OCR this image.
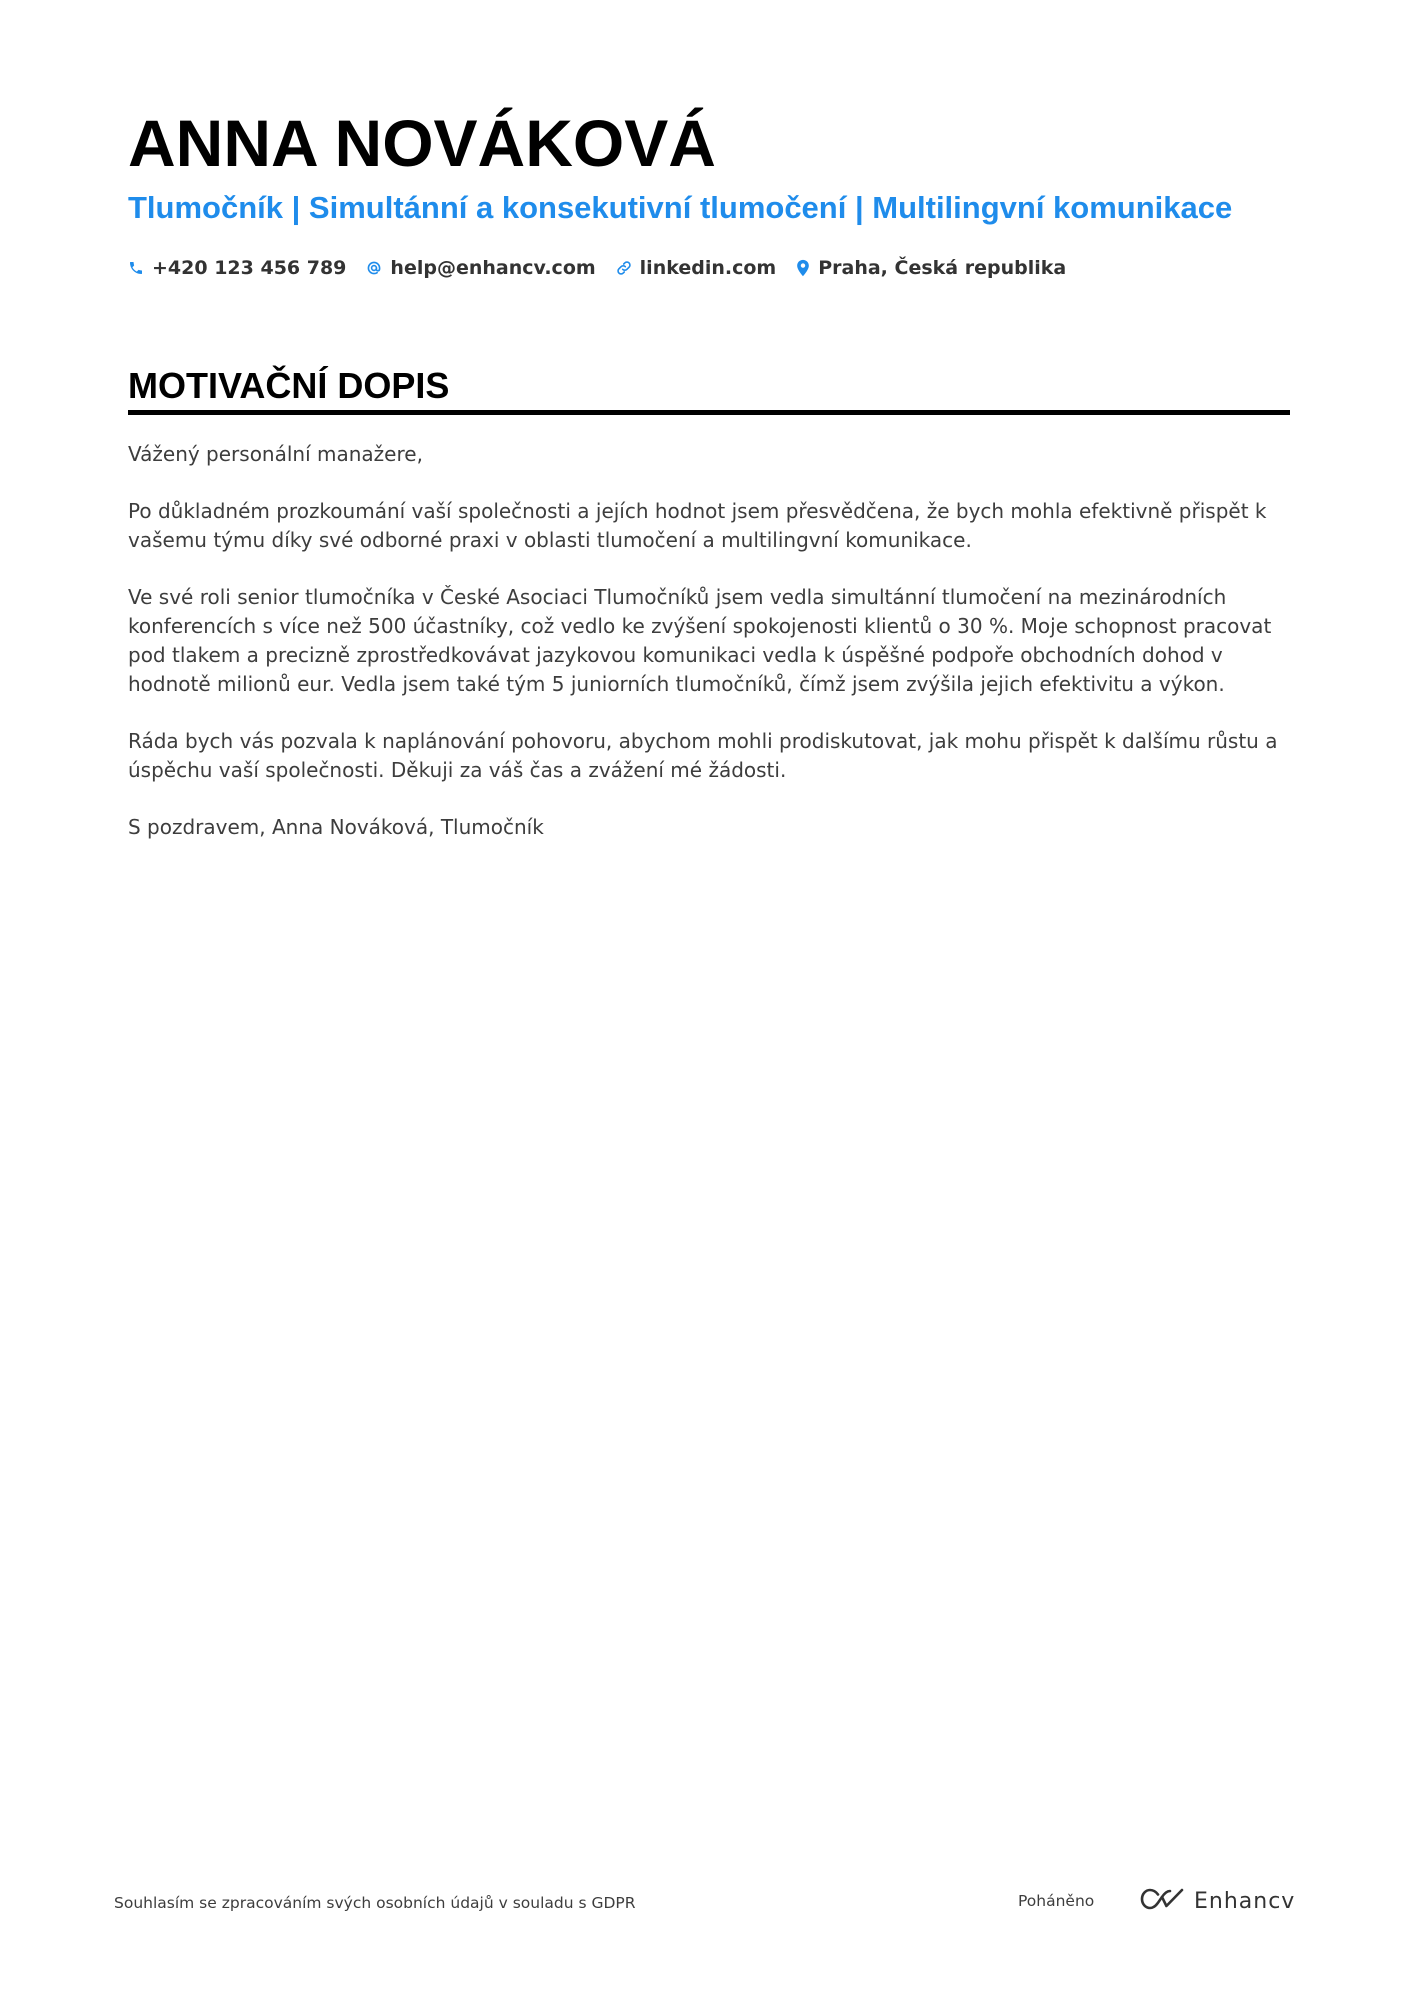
ANNA NOVÁKOVÁ
Tlumočník | Simultánní a konsekutivní tlumočení | Multilingvní komunikace
+420 123 456 789 help@enhancv.com linkedin.com Praha, Česká republika
MOTIVAČNÍ DOPIS

Vážený personální manažere,

Po důkladném prozkoumání vaší společnosti a jejích hodnot jsem přesvědčena, že bych mohla efektivně přispět k vašemu týmu díky své odborné praxi v oblasti tlumočení a multilingvní komunikace.

Ve své roli senior tlumočníka v České Asociaci Tlumočníků jsem vedla simultánní tlumočení na mezinárodních konferencích s více než 500 účastníky, což vedlo ke zvýšení spokojenosti klientů o 30 %. Moje schopnost pracovat pod tlakem a precizně zprostředkovávat jazykovou komunikaci vedla k úspěšné podpoře obchodních dohod v hodnotě milionů eur. Vedla jsem také tým 5 juniorních tlumočníků, čímž jsem zvýšila jejich efektivitu a výkon.

Ráda bych vás pozvala k naplánování pohovoru, abychom mohli prodiskutovat, jak mohu přispět k dalšímu růstu a úspěchu vaší společnosti. Děkuji za váš čas a zvážení mé žádosti.

S pozdravem, Anna Nováková, Tlumočník

Souhlasím se zpracováním svých osobních údajů v souladu s GDPR	Poháněno	Enhancv
